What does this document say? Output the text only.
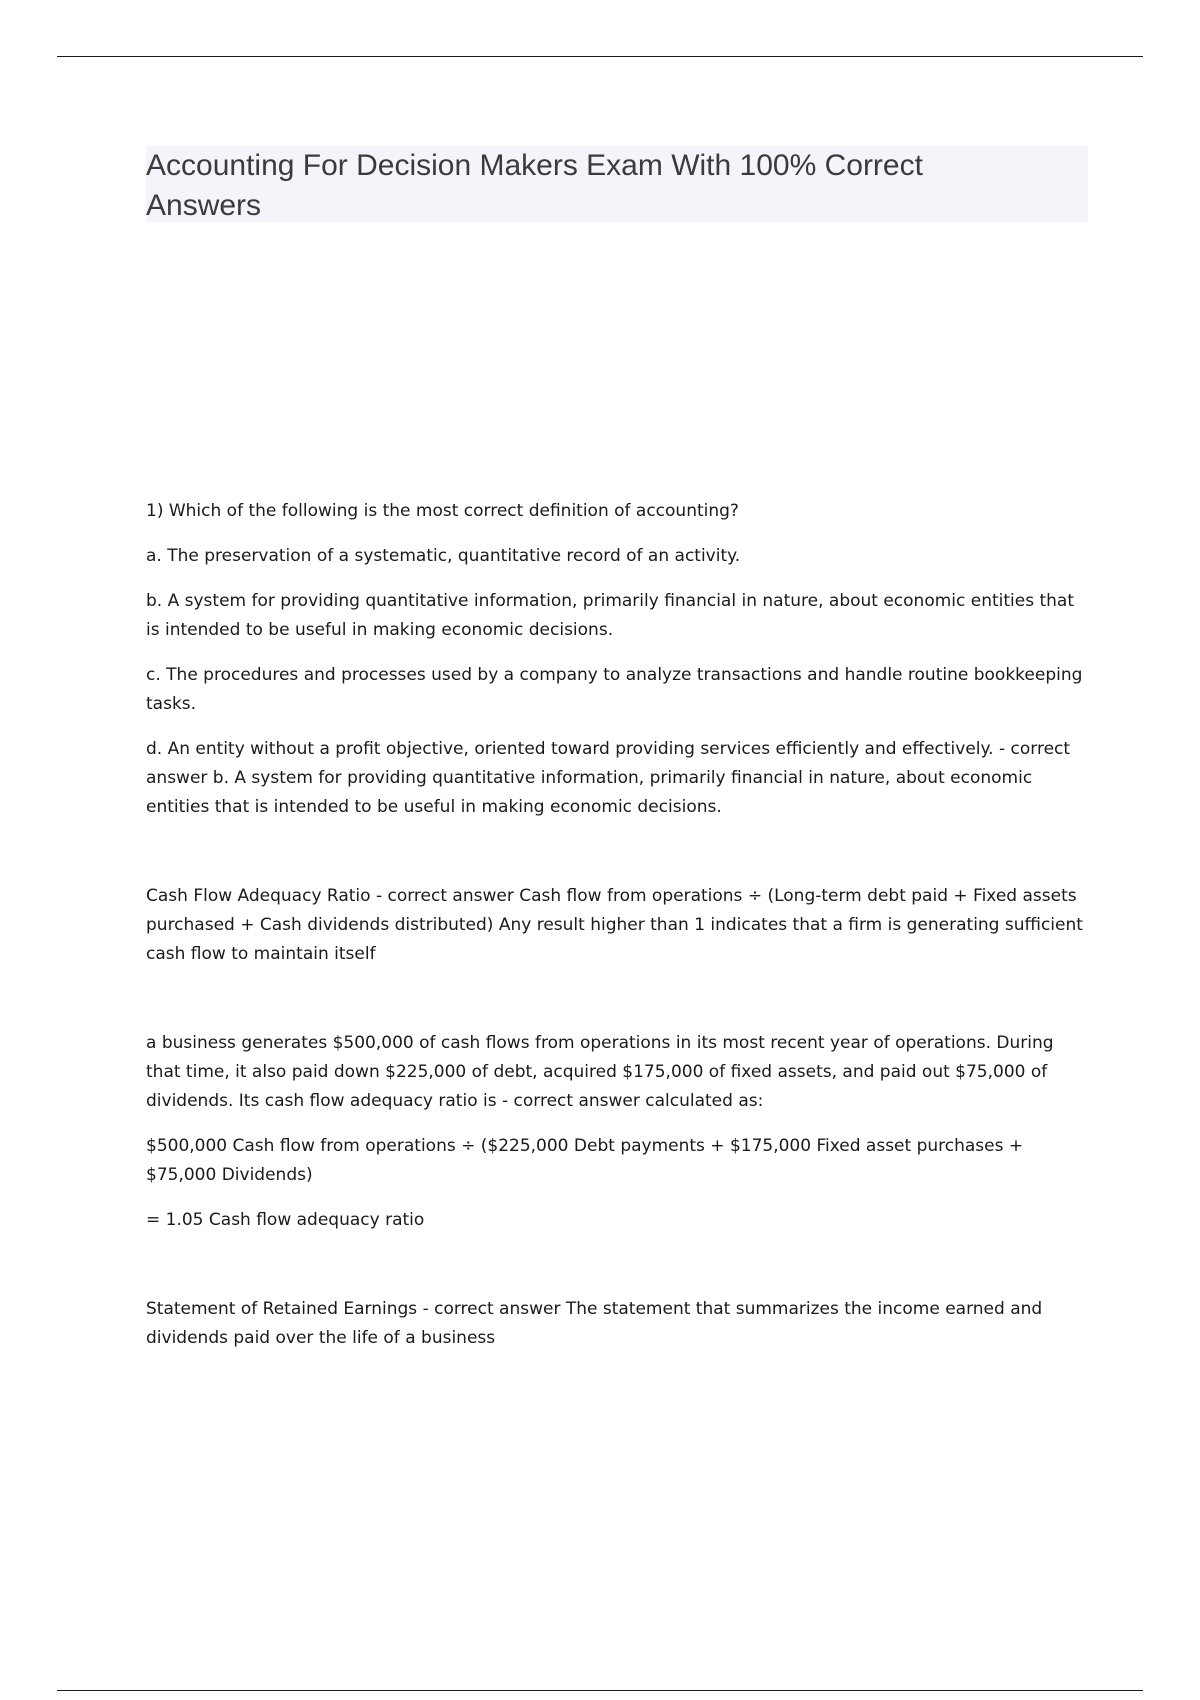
Accounting For Decision Makers Exam With 100% Correct Answers

1) Which of the following is the most correct definition of accounting?

a. The preservation of a systematic, quantitative record of an activity.

b. A system for providing quantitative information, primarily financial in nature, about economic entities that is intended to be useful in making economic decisions.

c. The procedures and processes used by a company to analyze transactions and handle routine bookkeeping tasks.

d. An entity without a profit objective, oriented toward providing services efficiently and effectively. - correct answer b. A system for providing quantitative information, primarily financial in nature, about economic entities that is intended to be useful in making economic decisions.

Cash Flow Adequacy Ratio - correct answer Cash flow from operations ÷ (Long-term debt paid + Fixed assets purchased + Cash dividends distributed) Any result higher than 1 indicates that a firm is generating sufficient cash flow to maintain itself

a business generates $500,000 of cash flows from operations in its most recent year of operations. During that time, it also paid down $225,000 of debt, acquired $175,000 of fixed assets, and paid out $75,000 of dividends. Its cash flow adequacy ratio is - correct answer calculated as:

$500,000 Cash flow from operations ÷ ($225,000 Debt payments + $175,000 Fixed asset purchases + $75,000 Dividends)

= 1.05 Cash flow adequacy ratio

Statement of Retained Earnings - correct answer The statement that summarizes the income earned and dividends paid over the life of a business
